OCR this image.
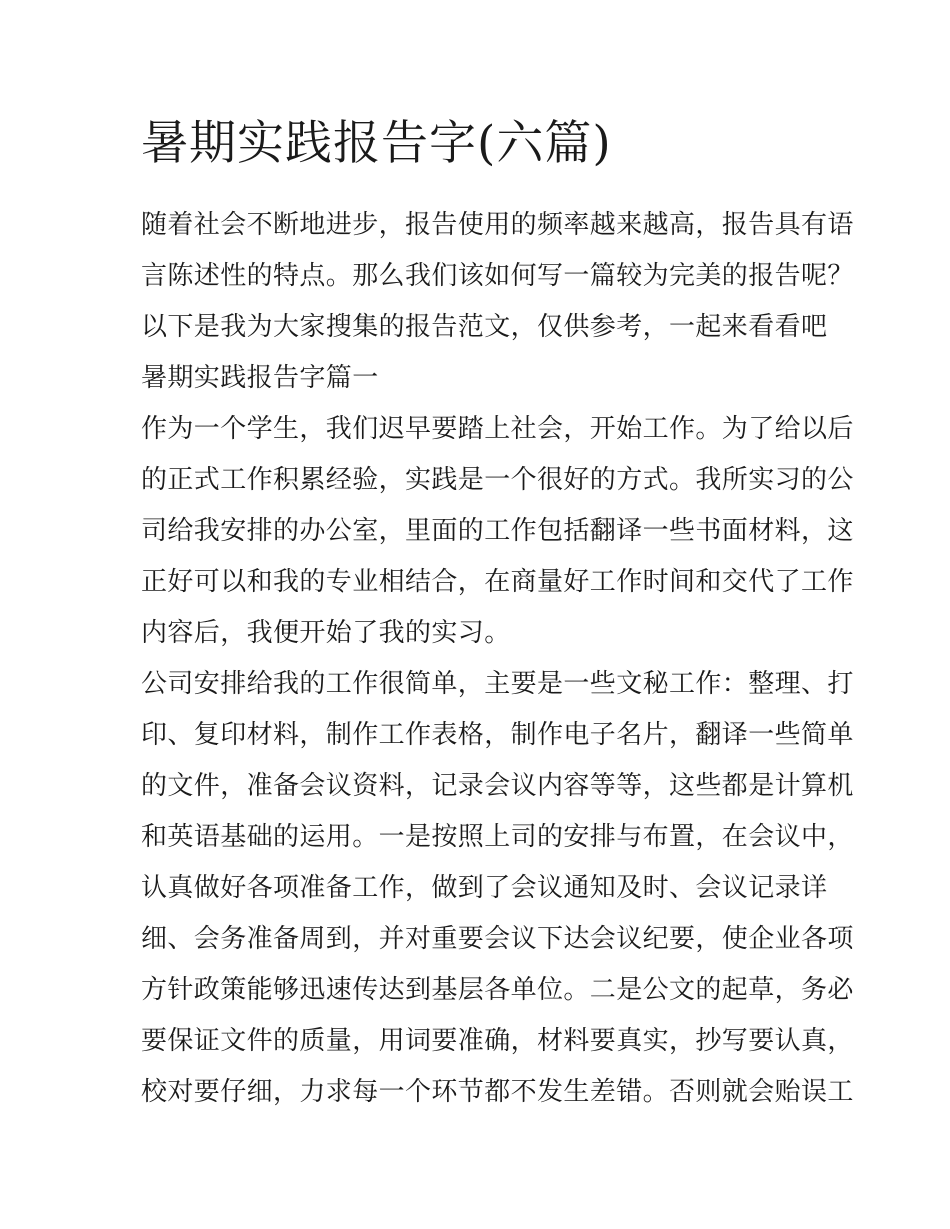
暑期实践报告字(六篇)

随着社会不断地进步，报告使用的频率越来越高，报告具有语

言陈述性的特点。那么我们该如何写一篇较为完美的报告呢？

以下是我为大家搜集的报告范文，仅供参考，一起来看看吧

暑期实践报告字篇一

作为一个学生，我们迟早要踏上社会，开始工作。为了给以后

的正式工作积累经验，实践是一个很好的方式。我所实习的公

司给我安排的办公室，里面的工作包括翻译一些书面材料，这

正好可以和我的专业相结合，在商量好工作时间和交代了工作

内容后，我便开始了我的实习。

公司安排给我的工作很简单，主要是一些文秘工作：整理、打

印、复印材料，制作工作表格，制作电子名片，翻译一些简单

的文件，准备会议资料，记录会议内容等等，这些都是计算机

和英语基础的运用。一是按照上司的安排与布置，在会议中，

认真做好各项准备工作，做到了会议通知及时、会议记录详

细、会务准备周到，并对重要会议下达会议纪要，使企业各项

方针政策能够迅速传达到基层各单位。二是公文的起草，务必

要保证文件的质量，用词要准确，材料要真实，抄写要认真，

校对要仔细，力求每一个环节都不发生差错。否则就会贻误工
